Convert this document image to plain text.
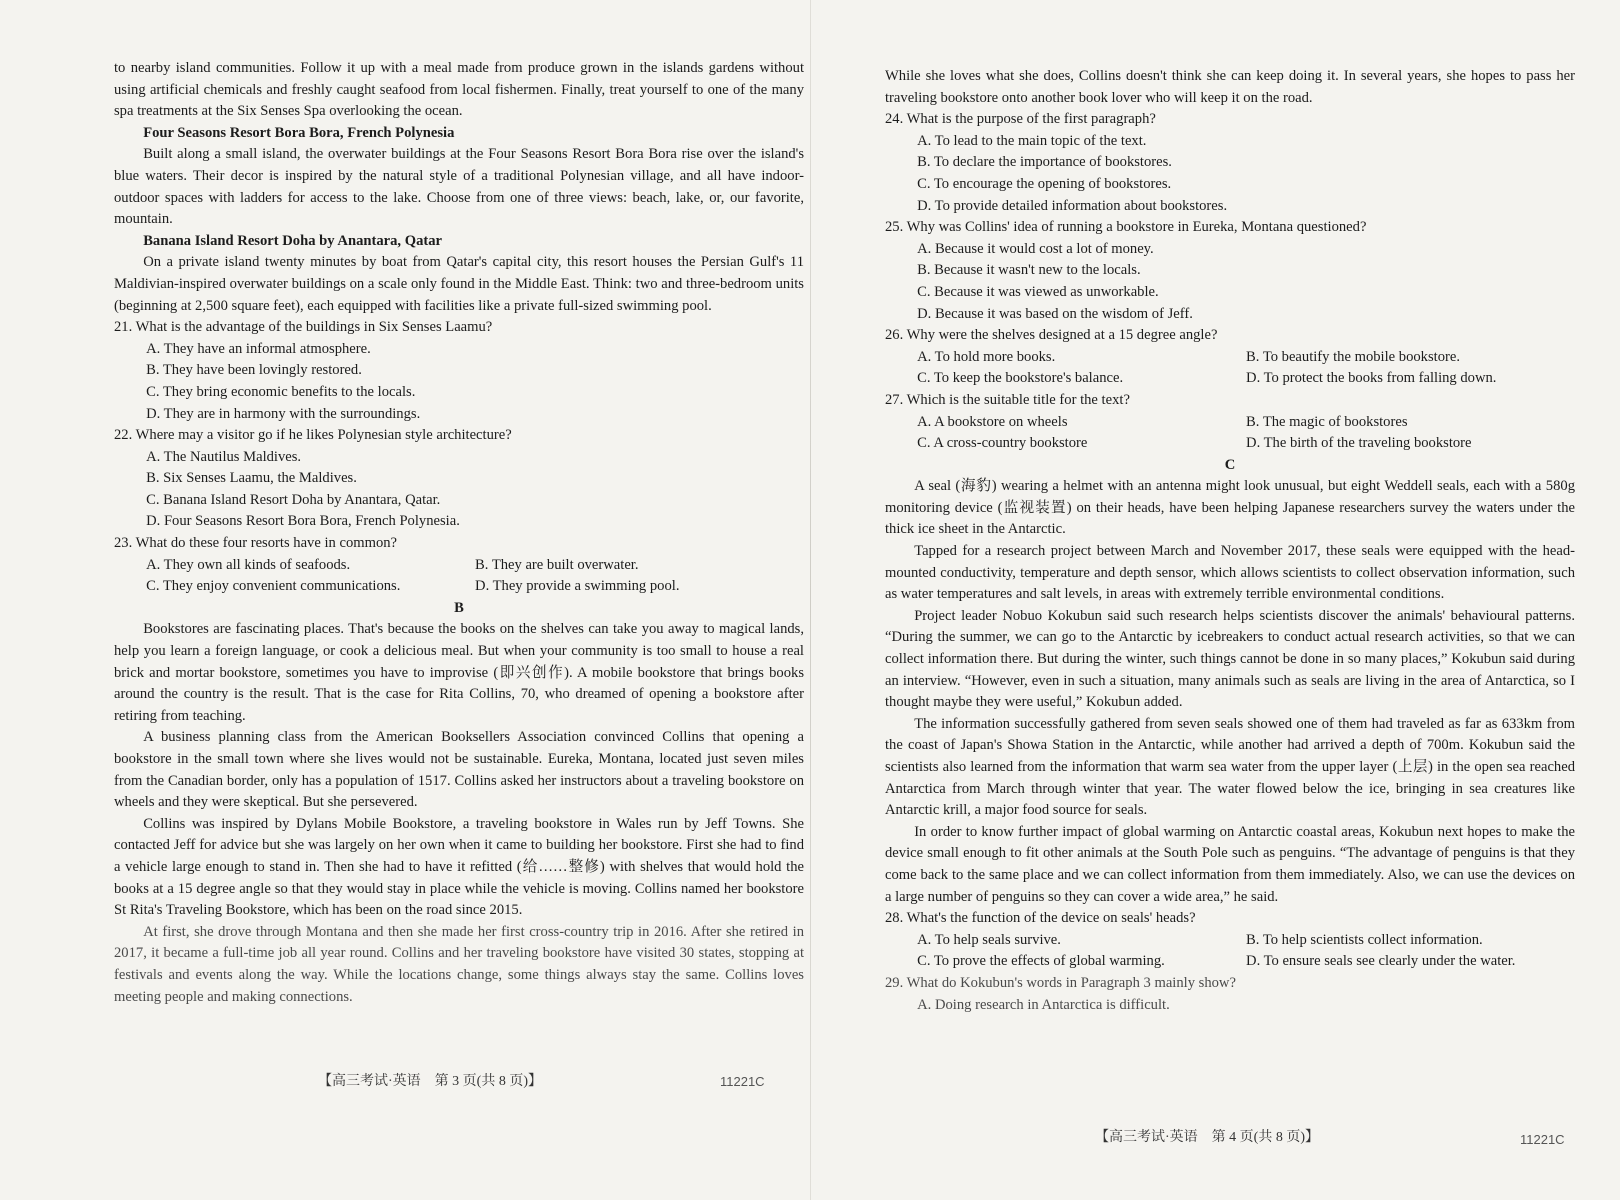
to nearby island communities. Follow it up with a meal made from produce grown in the islands gardens without using artificial chemicals and freshly caught seafood from local fishermen. Finally, treat yourself to one of the many spa treatments at the Six Senses Spa overlooking the ocean.

Four Seasons Resort Bora Bora, French Polynesia

Built along a small island, the overwater buildings at the Four Seasons Resort Bora Bora rise over the island's blue waters. Their decor is inspired by the natural style of a traditional Polynesian village, and all have indoor-outdoor spaces with ladders for access to the lake. Choose from one of three views: beach, lake, or, our favorite, mountain.

Banana Island Resort Doha by Anantara, Qatar

On a private island twenty minutes by boat from Qatar's capital city, this resort houses the Persian Gulf's 11 Maldivian-inspired overwater buildings on a scale only found in the Middle East. Think: two and three-bedroom units (beginning at 2,500 square feet), each equipped with facilities like a private full-sized swimming pool.

21. What is the advantage of the buildings in Six Senses Laamu?

A. They have an informal atmosphere.

B. They have been lovingly restored.

C. They bring economic benefits to the locals.

D. They are in harmony with the surroundings.

22. Where may a visitor go if he likes Polynesian style architecture?

A. The Nautilus Maldives.

B. Six Senses Laamu, the Maldives.

C. Banana Island Resort Doha by Anantara, Qatar.

D. Four Seasons Resort Bora Bora, French Polynesia.

23. What do these four resorts have in common?

A. They own all kinds of seafoods.	B. They are built overwater.
C. They enjoy convenient communications.	D. They provide a swimming pool.

B

Bookstores are fascinating places. That's because the books on the shelves can take you away to magical lands, help you learn a foreign language, or cook a delicious meal. But when your community is too small to house a real brick and mortar bookstore, sometimes you have to improvise (即兴创作). A mobile bookstore that brings books around the country is the result. That is the case for Rita Collins, 70, who dreamed of opening a bookstore after retiring from teaching.

A business planning class from the American Booksellers Association convinced Collins that opening a bookstore in the small town where she lives would not be sustainable. Eureka, Montana, located just seven miles from the Canadian border, only has a population of 1517. Collins asked her instructors about a traveling bookstore on wheels and they were skeptical. But she persevered.

Collins was inspired by Dylans Mobile Bookstore, a traveling bookstore in Wales run by Jeff Towns. She contacted Jeff for advice but she was largely on her own when it came to building her bookstore. First she had to find a vehicle large enough to stand in. Then she had to have it refitted (给……整修) with shelves that would hold the books at a 15 degree angle so that they would stay in place while the vehicle is moving. Collins named her bookstore St Rita's Traveling Bookstore, which has been on the road since 2015.

At first, she drove through Montana and then she made her first cross-country trip in 2016. After she retired in 2017, it became a full-time job all year round. Collins and her traveling bookstore have visited 30 states, stopping at festivals and events along the way. While the locations change, some things always stay the same. Collins loves meeting people and making connections.

【高三考试·英语　第 3 页(共 8 页)】	11221C

While she loves what she does, Collins doesn't think she can keep doing it. In several years, she hopes to pass her traveling bookstore onto another book lover who will keep it on the road.

24. What is the purpose of the first paragraph?

A. To lead to the main topic of the text.

B. To declare the importance of bookstores.

C. To encourage the opening of bookstores.

D. To provide detailed information about bookstores.

25. Why was Collins' idea of running a bookstore in Eureka, Montana questioned?

A. Because it would cost a lot of money.

B. Because it wasn't new to the locals.

C. Because it was viewed as unworkable.

D. Because it was based on the wisdom of Jeff.

26. Why were the shelves designed at a 15 degree angle?

A. To hold more books.	B. To beautify the mobile bookstore.
C. To keep the bookstore's balance.	D. To protect the books from falling down.

27. Which is the suitable title for the text?

A. A bookstore on wheels	B. The magic of bookstores
C. A cross-country bookstore	D. The birth of the traveling bookstore

C

A seal (海豹) wearing a helmet with an antenna might look unusual, but eight Weddell seals, each with a 580g monitoring device (监视装置) on their heads, have been helping Japanese researchers survey the waters under the thick ice sheet in the Antarctic.

Tapped for a research project between March and November 2017, these seals were equipped with the head-mounted conductivity, temperature and depth sensor, which allows scientists to collect observation information, such as water temperatures and salt levels, in areas with extremely terrible environmental conditions.

Project leader Nobuo Kokubun said such research helps scientists discover the animals' behavioural patterns. “During the summer, we can go to the Antarctic by icebreakers to conduct actual research activities, so that we can collect information there. But during the winter, such things cannot be done in so many places,” Kokubun said during an interview. “However, even in such a situation, many animals such as seals are living in the area of Antarctica, so I thought maybe they were useful,” Kokubun added.

The information successfully gathered from seven seals showed one of them had traveled as far as 633km from the coast of Japan's Showa Station in the Antarctic, while another had arrived a depth of 700m. Kokubun said the scientists also learned from the information that warm sea water from the upper layer (上层) in the open sea reached Antarctica from March through winter that year. The water flowed below the ice, bringing in sea creatures like Antarctic krill, a major food source for seals.

In order to know further impact of global warming on Antarctic coastal areas, Kokubun next hopes to make the device small enough to fit other animals at the South Pole such as penguins. “The advantage of penguins is that they come back to the same place and we can collect information from them immediately. Also, we can use the devices on a large number of penguins so they can cover a wide area,” he said.

28. What's the function of the device on seals' heads?

A. To help seals survive.	B. To help scientists collect information.
C. To prove the effects of global warming.	D. To ensure seals see clearly under the water.

29. What do Kokubun's words in Paragraph 3 mainly show?

A. Doing research in Antarctica is difficult.

【高三考试·英语　第 4 页(共 8 页)】	11221C
